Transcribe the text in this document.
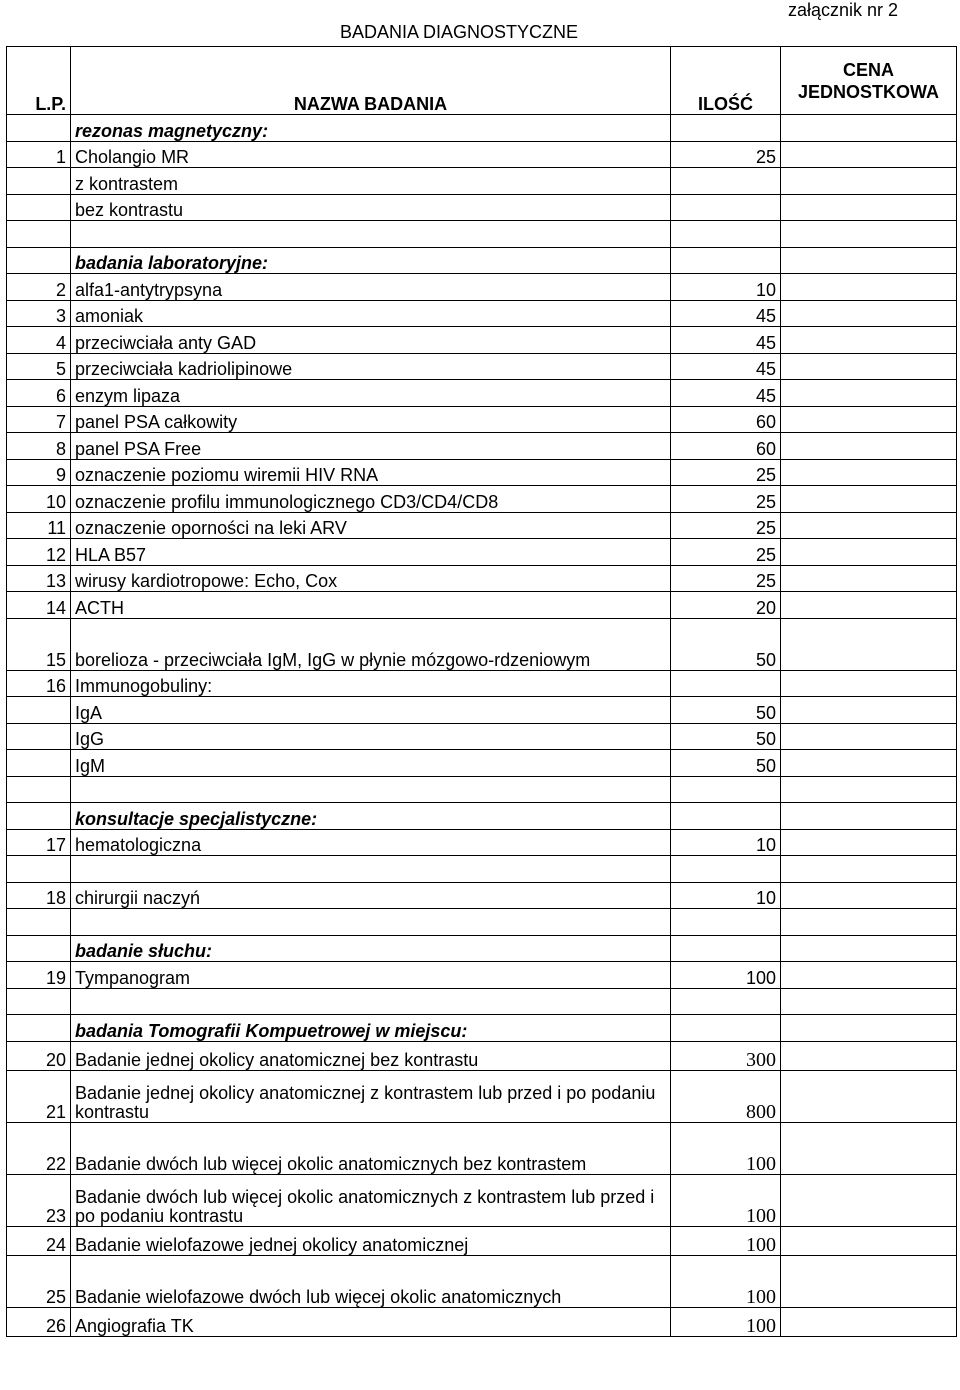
załącznik nr 2
BADANIA DIAGNOSTYCZNE
L.P.	NAZWA BADANIA	ILOŚĆ	CENA JEDNOSTKOWA
	rezonas magnetyczny:		
1	Cholangio MR	25	
	z kontrastem		
	bez kontrastu		

	badania laboratoryjne:		
2	alfa1-antytrypsyna	10	
3	amoniak	45	
4	przeciwciała anty GAD	45	
5	przeciwciała kadriolipinowe	45	
6	enzym lipaza	45	
7	panel PSA całkowity	60	
8	panel PSA Free	60	
9	oznaczenie poziomu wiremii HIV RNA	25	
10	oznaczenie profilu immunologicznego CD3/CD4/CD8	25	
11	oznaczenie oporności na leki ARV	25	
12	HLA B57	25	
13	wirusy kardiotropowe: Echo, Cox	25	
14	ACTH	20	
15	borelioza - przeciwciała IgM, IgG w płynie mózgowo-rdzeniowym	50	
16	Immunogobuliny:		
	IgA	50	
	IgG	50	
	IgM	50	

	konsultacje specjalistyczne:		
17	hematologiczna	10	

18	chirurgii naczyń	10	

	badanie słuchu:		
19	Tympanogram	100	

	badania Tomografii Kompuetrowej w miejscu:		
20	Badanie jednej okolicy anatomicznej bez kontrastu	300	
21	Badanie jednej okolicy anatomicznej z kontrastem lub przed i po podaniu kontrastu	800	
22	Badanie dwóch lub więcej okolic anatomicznych bez kontrastem	100	
23	Badanie dwóch lub więcej okolic anatomicznych z kontrastem lub przed i po podaniu kontrastu	100	
24	Badanie wielofazowe jednej okolicy anatomicznej	100	
25	Badanie wielofazowe dwóch lub więcej okolic anatomicznych	100	
26	Angiografia TK	100	
